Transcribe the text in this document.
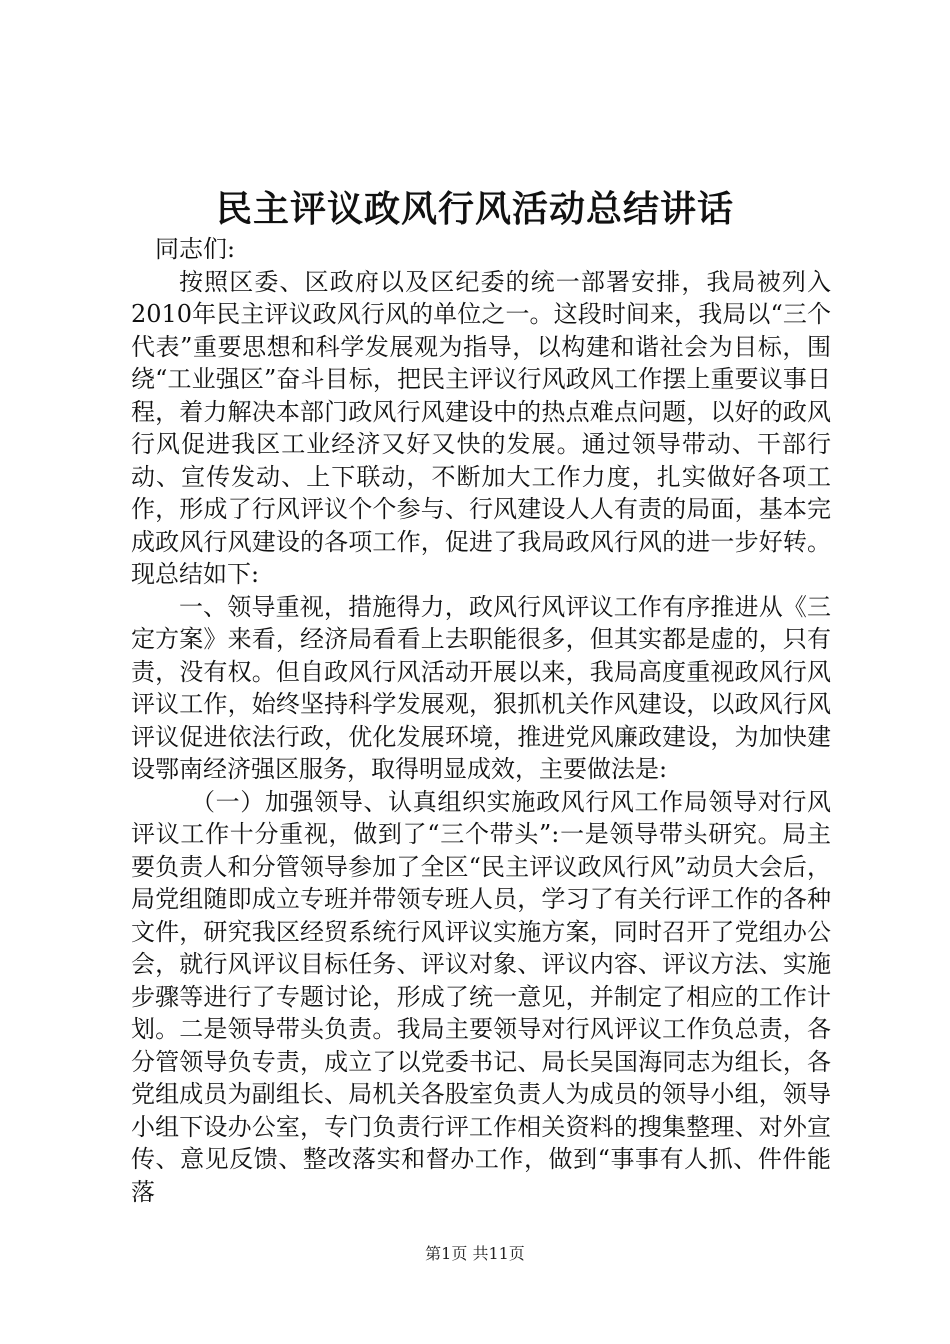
民主评议政风行风活动总结讲话

同志们:

按照区委、区政府以及区纪委的统一部署安排，我局被列入2010年民主评议政风行风的单位之一。这段时间来，我局以“三个代表”重要思想和科学发展观为指导，以构建和谐社会为目标，围绕“工业强区”奋斗目标，把民主评议行风政风工作摆上重要议事日程，着力解决本部门政风行风建设中的热点难点问题，以好的政风行风促进我区工业经济又好又快的发展。通过领导带动、干部行动、宣传发动、上下联动，不断加大工作力度，扎实做好各项工作，形成了行风评议个个参与、行风建设人人有责的局面，基本完成政风行风建设的各项工作，促进了我局政风行风的进一步好转。现总结如下:

一、领导重视，措施得力，政风行风评议工作有序推进从《三定方案》来看，经济局看看上去职能很多，但其实都是虚的，只有责，没有权。但自政风行风活动开展以来，我局高度重视政风行风评议工作，始终坚持科学发展观，狠抓机关作风建设，以政风行风评议促进依法行政，优化发展环境，推进党风廉政建设，为加快建设鄂南经济强区服务，取得明显成效，主要做法是:

（一）加强领导、认真组织实施政风行风工作局领导对行风评议工作十分重视，做到了“三个带头”:一是领导带头研究。局主要负责人和分管领导参加了全区“民主评议政风行风”动员大会后，局党组随即成立专班并带领专班人员，学习了有关行评工作的各种文件，研究我区经贸系统行风评议实施方案，同时召开了党组办公会，就行风评议目标任务、评议对象、评议内容、评议方法、实施步骤等进行了专题讨论，形成了统一意见，并制定了相应的工作计划。二是领导带头负责。我局主要领导对行风评议工作负总责，各分管领导负专责，成立了以党委书记、局长吴国海同志为组长，各党组成员为副组长、局机关各股室负责人为成员的领导小组，领导小组下设办公室，专门负责行评工作相关资料的搜集整理、对外宣传、意见反馈、整改落实和督办工作，做到“事事有人抓、件件能落

第1页 共11页
